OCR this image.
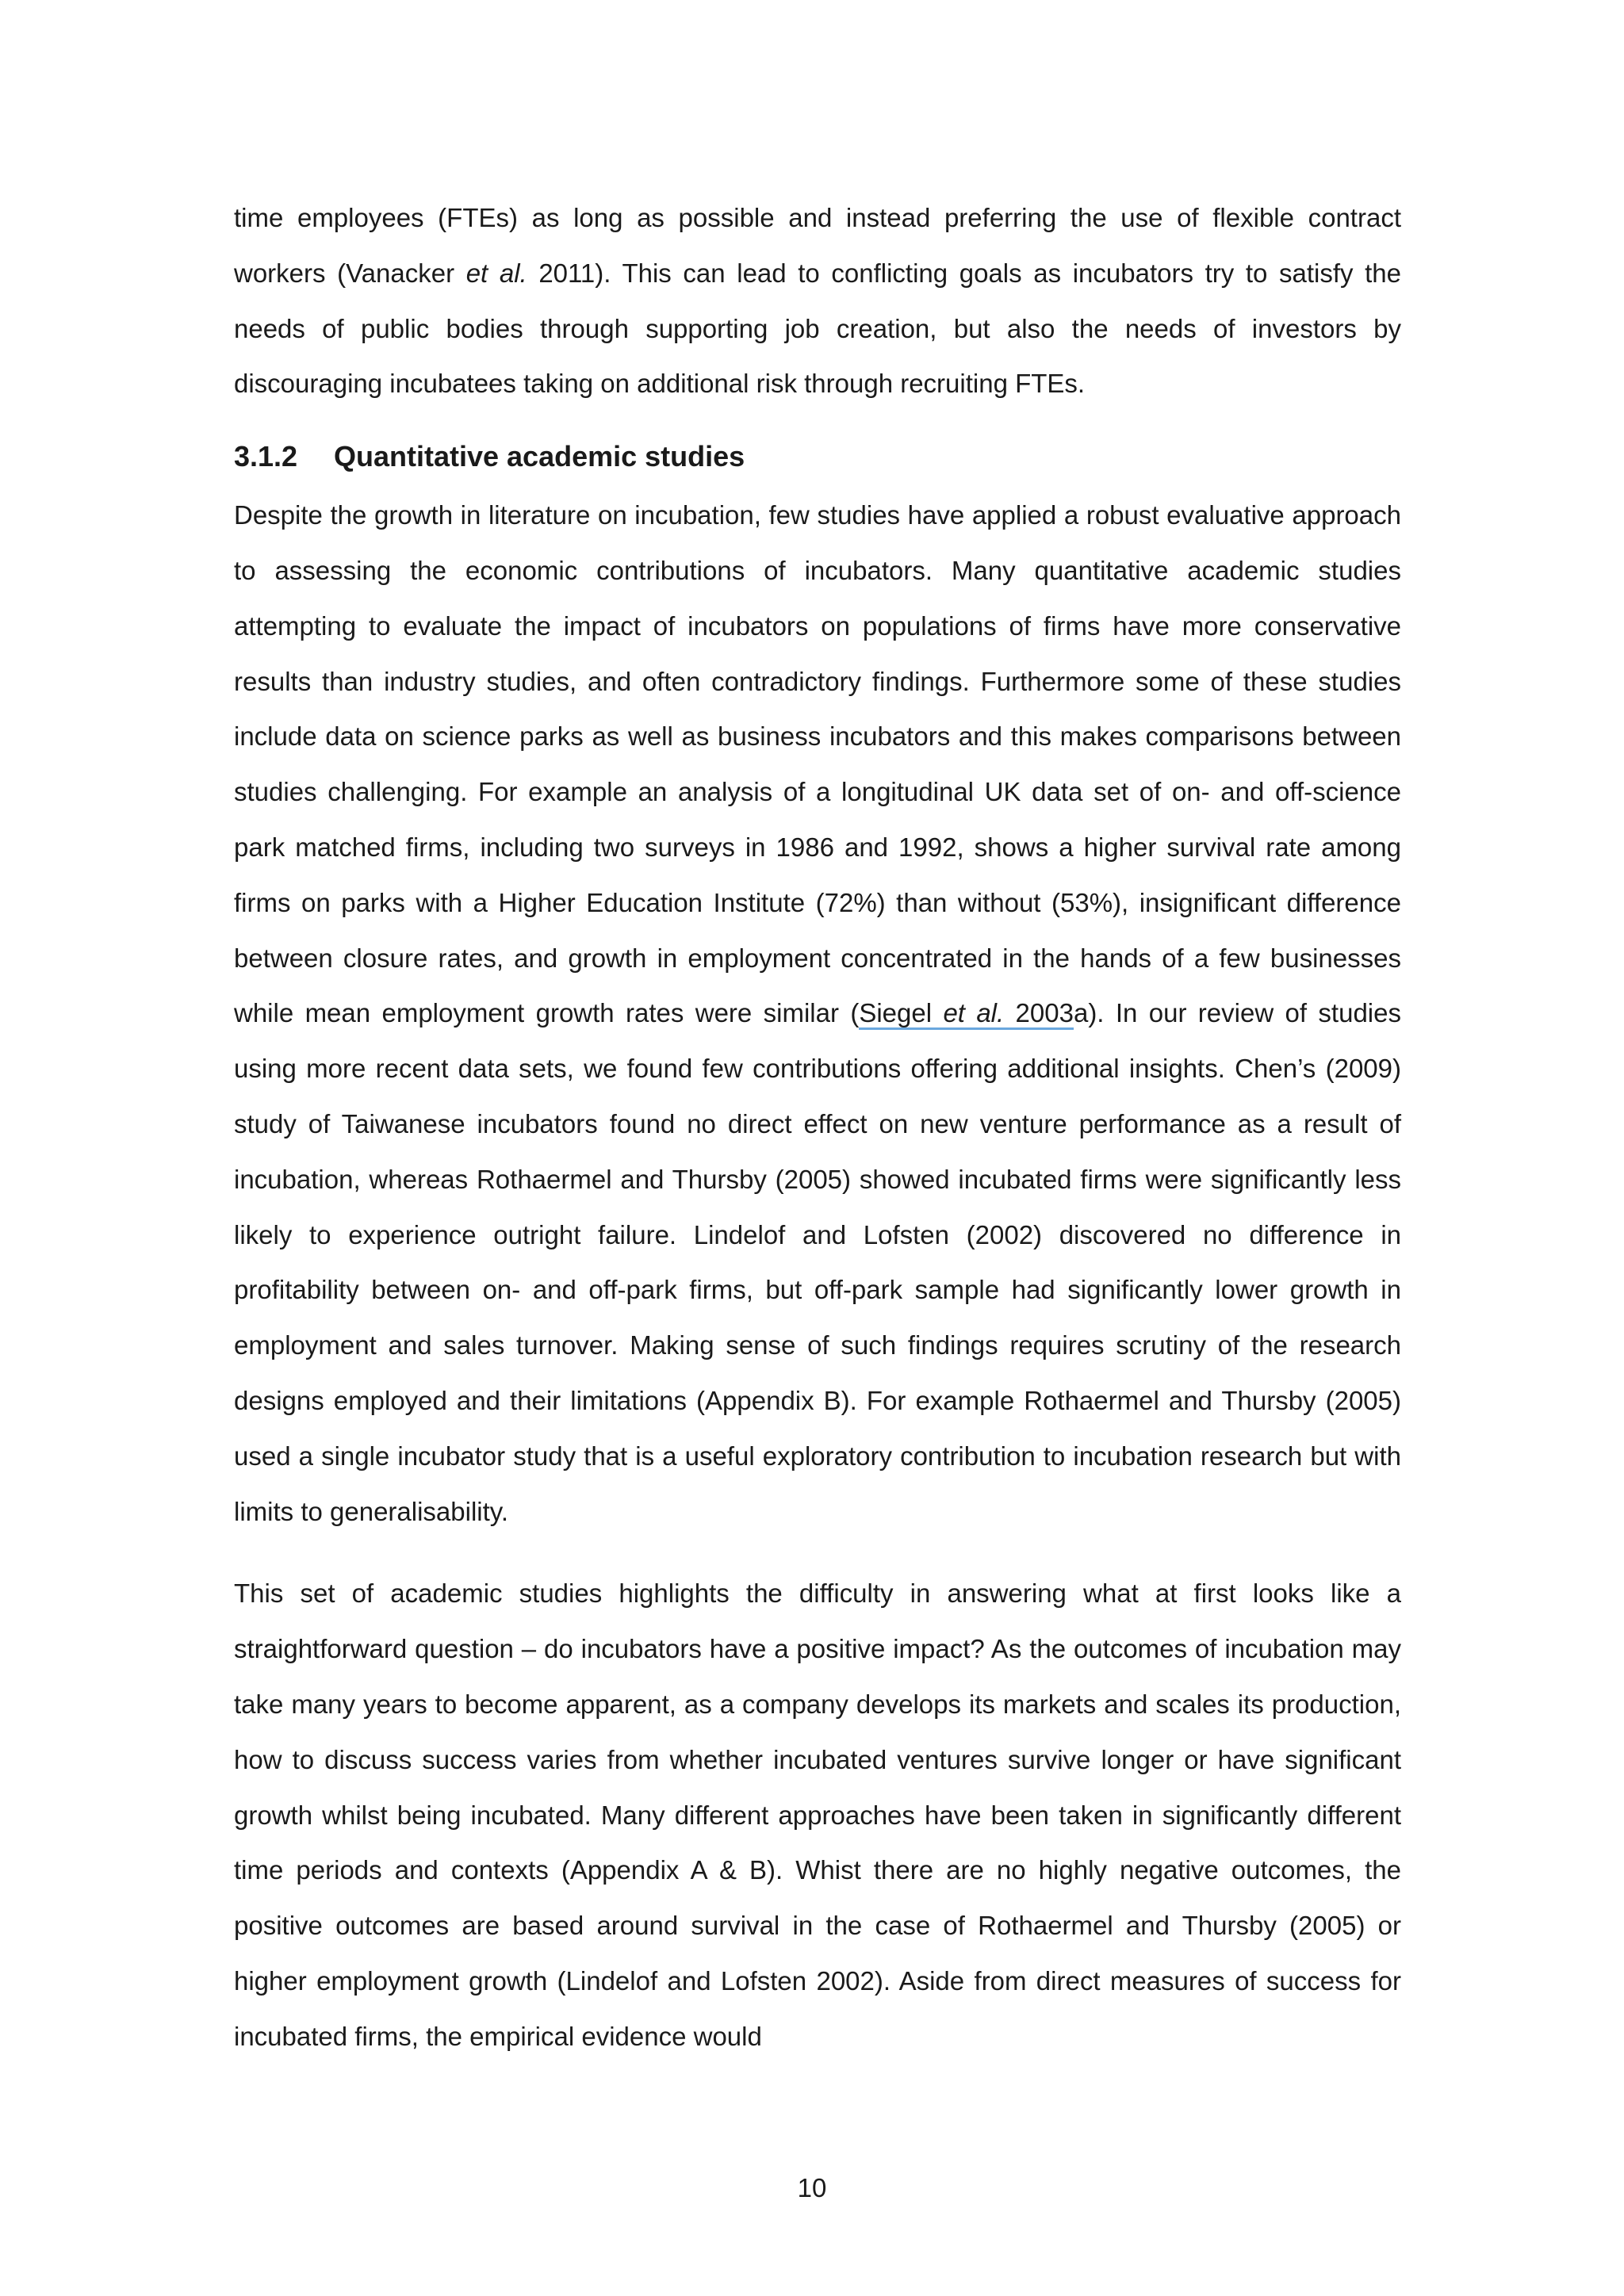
time employees (FTEs) as long as possible and instead preferring the use of flexible contract workers (Vanacker et al. 2011). This can lead to conflicting goals as incubators try to satisfy the needs of public bodies through supporting job creation, but also the needs of investors by discouraging incubatees taking on additional risk through recruiting FTEs.

3.1.2 Quantitative academic studies

Despite the growth in literature on incubation, few studies have applied a robust evaluative approach to assessing the economic contributions of incubators. Many quantitative academic studies attempting to evaluate the impact of incubators on populations of firms have more conservative results than industry studies, and often contradictory findings. Furthermore some of these studies include data on science parks as well as business incubators and this makes comparisons between studies challenging. For example an analysis of a longitudinal UK data set of on- and off-science park matched firms, including two surveys in 1986 and 1992, shows a higher survival rate among firms on parks with a Higher Education Institute (72%) than without (53%), insignificant difference between closure rates, and growth in employment concentrated in the hands of a few businesses while mean employment growth rates were similar (Siegel et al. 2003a). In our review of studies using more recent data sets, we found few contributions offering additional insights. Chen’s (2009) study of Taiwanese incubators found no direct effect on new venture performance as a result of incubation, whereas Rothaermel and Thursby (2005) showed incubated firms were significantly less likely to experience outright failure. Lindelof and Lofsten (2002) discovered no difference in profitability between on- and off-park firms, but off-park sample had significantly lower growth in employment and sales turnover. Making sense of such findings requires scrutiny of the research designs employed and their limitations (Appendix B). For example Rothaermel and Thursby (2005) used a single incubator study that is a useful exploratory contribution to incubation research but with limits to generalisability.

This set of academic studies highlights the difficulty in answering what at first looks like a straightforward question – do incubators have a positive impact? As the outcomes of incubation may take many years to become apparent, as a company develops its markets and scales its production, how to discuss success varies from whether incubated ventures survive longer or have significant growth whilst being incubated. Many different approaches have been taken in significantly different time periods and contexts (Appendix A & B). Whist there are no highly negative outcomes, the positive outcomes are based around survival in the case of Rothaermel and Thursby (2005) or higher employment growth (Lindelof and Lofsten 2002). Aside from direct measures of success for incubated firms, the empirical evidence would

10
